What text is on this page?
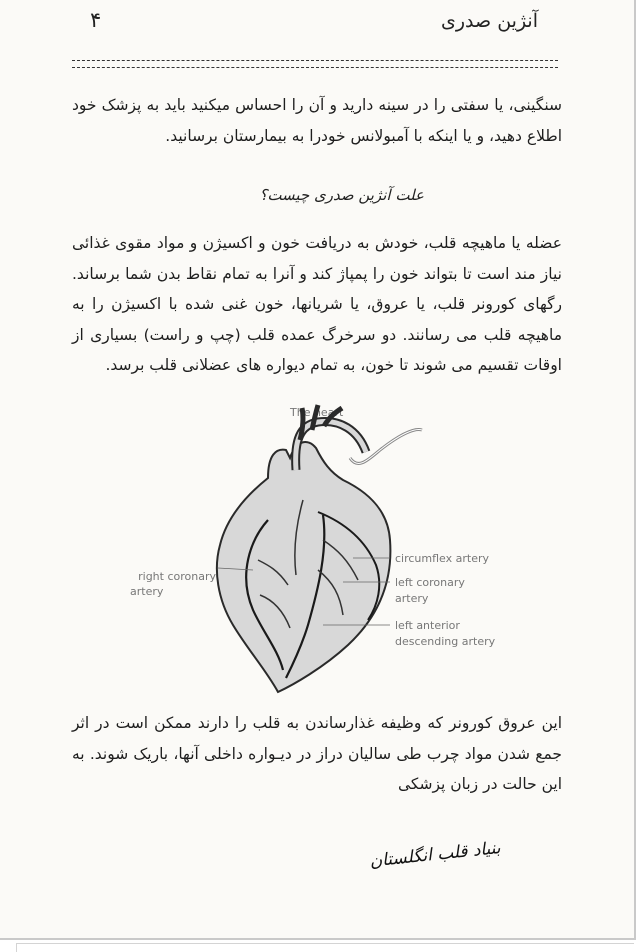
آنژین صدری
۴
سنگینی، یا سفتی را در سینه دارید و آن را احساس میکنید باید به پزشک خود اطلاع دهید، و یا اینکه با آمبولانس خودرا به بیمارستان برسانید.
علت آنژین صدری چیست؟
عضله یا ماهیچه قلب، خودش به دریافت خون و اکسیژن و مواد مقوی غذائی نیاز مند است تا بتواند خون را پمپاژ کند و آنرا به تمام نقاط بدن شما برساند. رگهای کورونر قلب، یا عروق، یا شریانها، خون غنی شده با اکسیژن را به ماهیچه قلب می رسانند. دو سرخرگ عمده قلب (چپ و راست) بسیاری از اوقات تقسیم می شوند تا خون، به تمام دیواره های عضلانی قلب برسد.
The heart
right coronary
artery
circumflex artery
left coronary
artery
left anterior
descending artery
این عروق کورونر که وظیفه غذارساندن به قلب را دارند ممکن است در اثر جمع شدن مواد چرب طی سالیان دراز در دیـواره داخلی آنها، باریک شوند. به این حالت در زبان پزشکی
بنیاد قلب انگلستان
